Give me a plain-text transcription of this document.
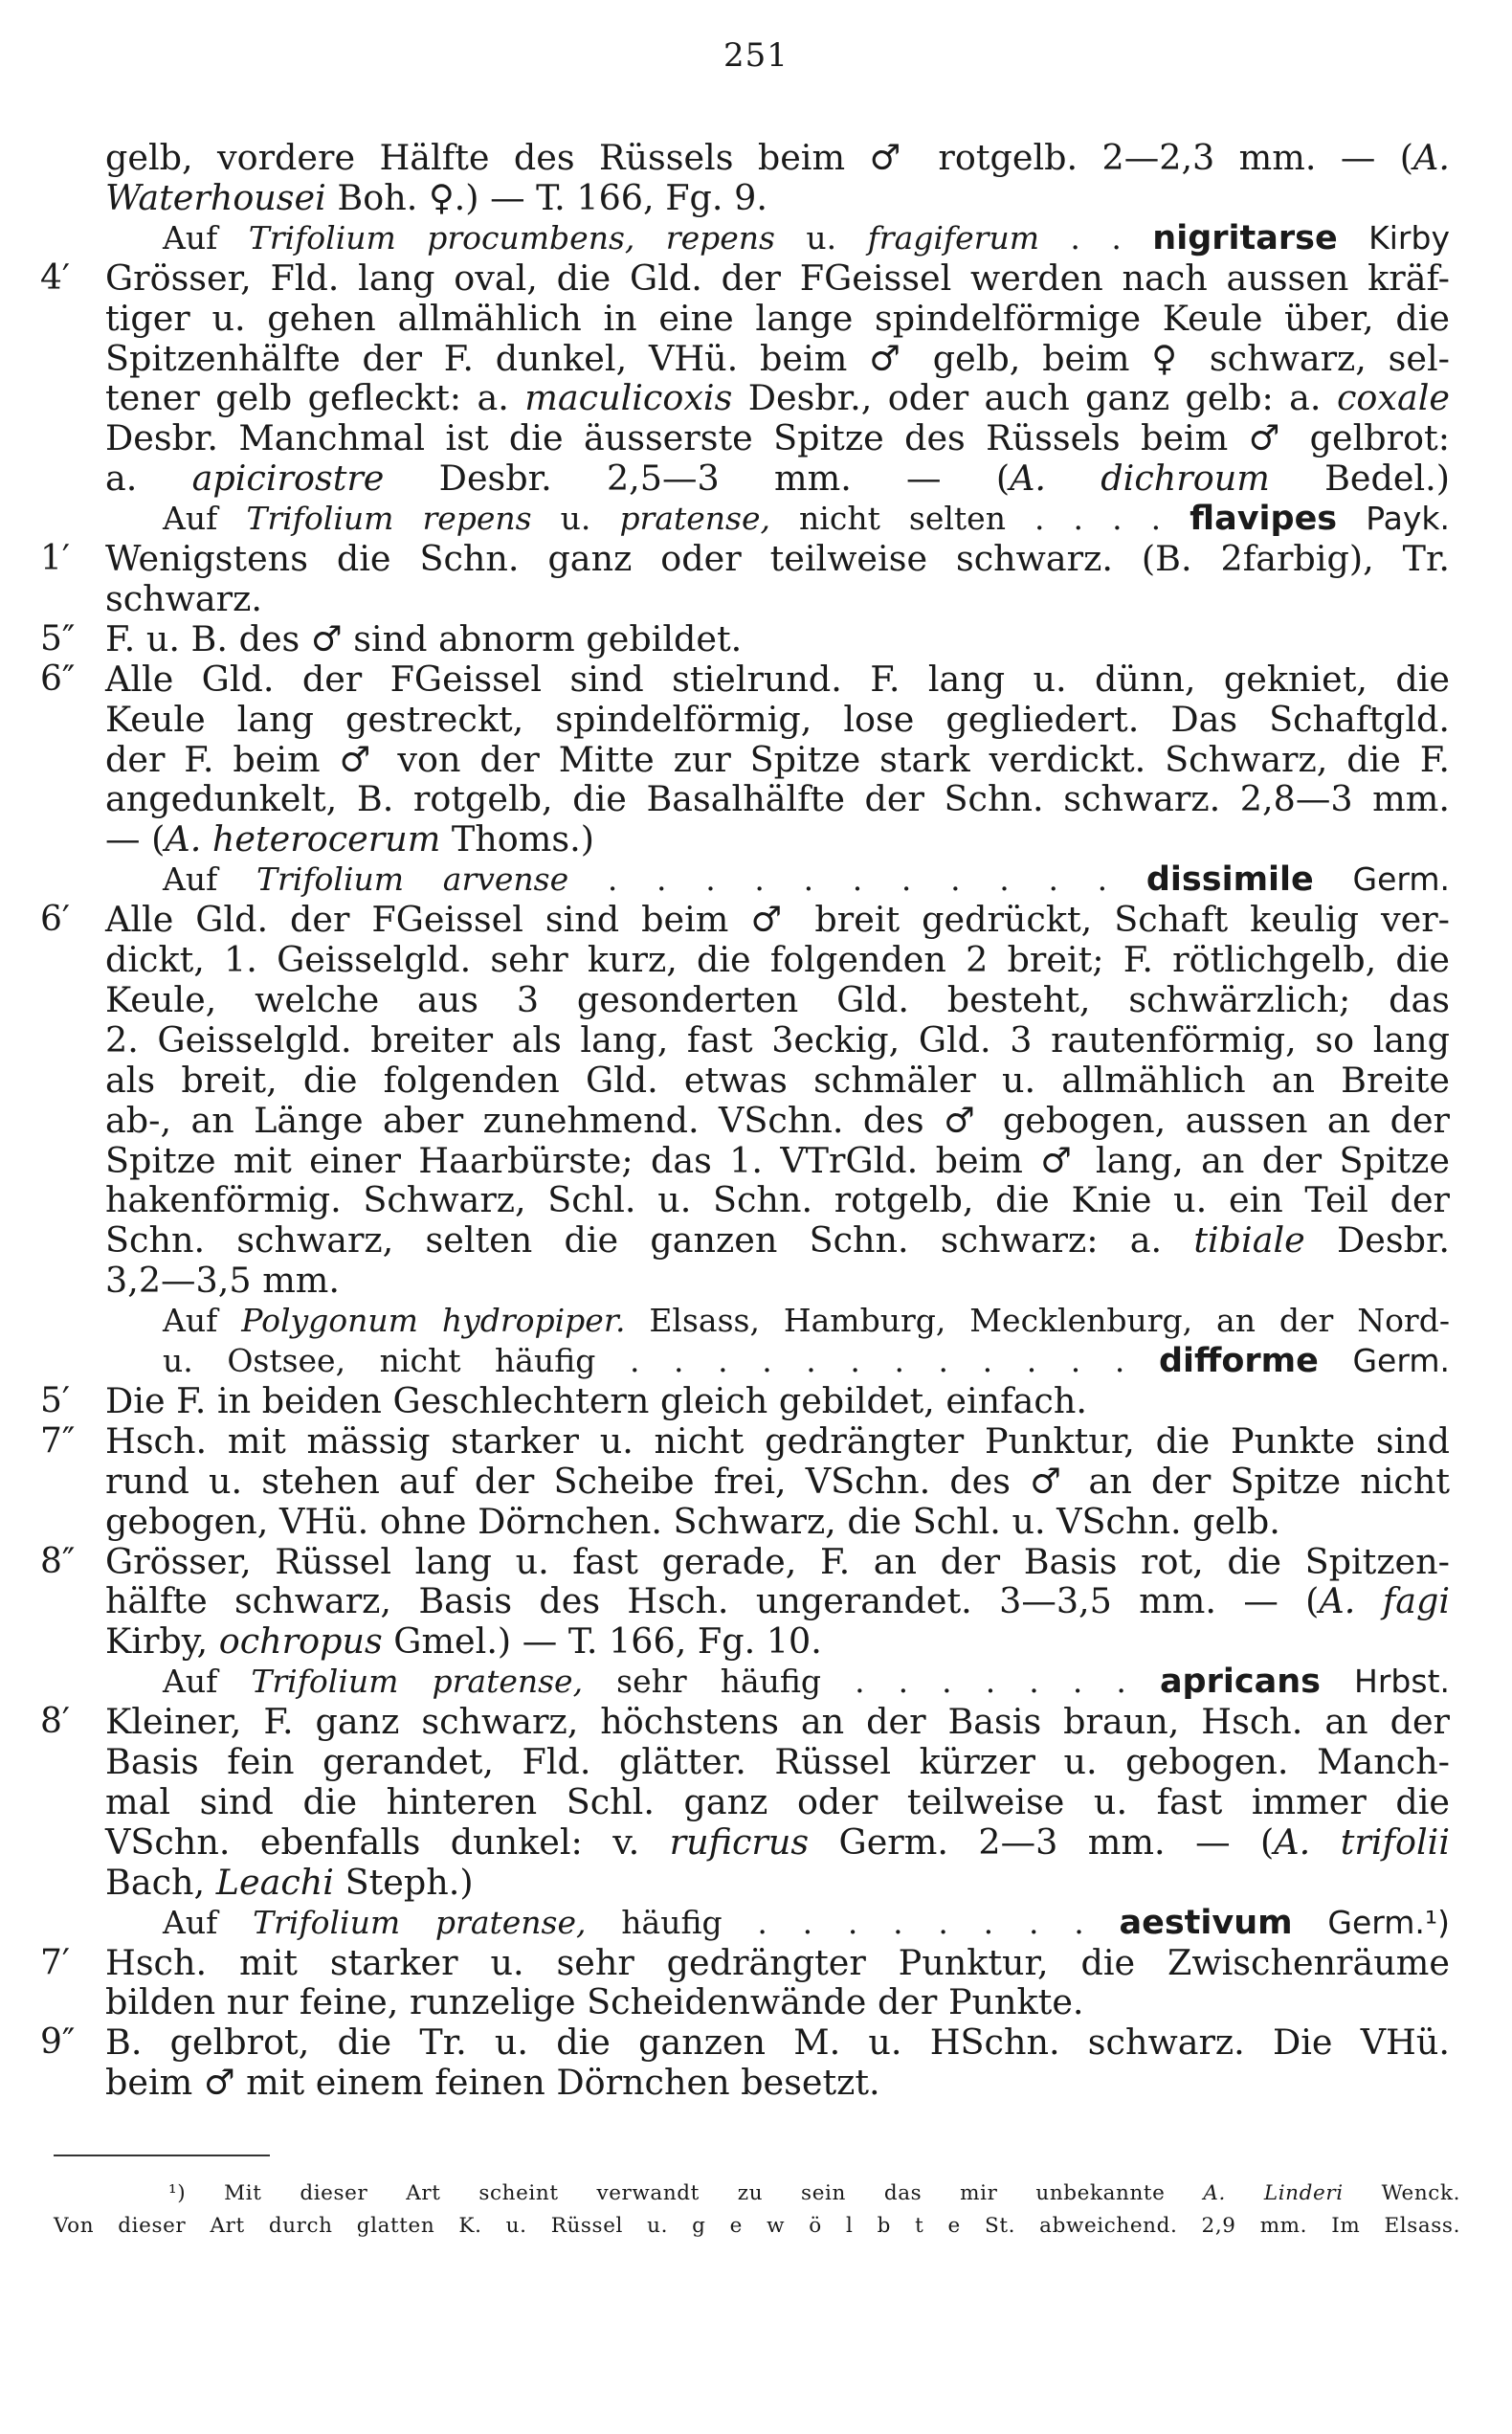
251
gelb, vordere Hälfte des Rüssels beim ♂ rotgelb. 2—2,3 mm. — (A.
Waterhousei Boh. ♀.) — T. 166, Fg. 9.
Auf Trifolium procumbens, repens u. fragiferum . . nigritarse Kirby
4′	Grösser, Fld. lang oval, die Gld. der FGeissel werden nach aussen kräf-
tiger u. gehen allmählich in eine lange spindelförmige Keule über, die
Spitzenhälfte der F. dunkel, VHü. beim ♂ gelb, beim ♀ schwarz, sel-
tener gelb gefleckt: a. maculicoxis Desbr., oder auch ganz gelb: a. coxale
Desbr. Manchmal ist die äusserste Spitze des Rüssels beim ♂ gelbrot:
a. apicirostre Desbr. 2,5—3 mm. — (A. dichroum Bedel.)
Auf Trifolium repens u. pratense, nicht selten . . . . flavipes Payk.
1′	Wenigstens die Schn. ganz oder teilweise schwarz. (B. 2farbig), Tr.
schwarz.
5″ F. u. B. des ♂ sind abnorm gebildet.
6″ Alle Gld. der FGeissel sind stielrund. F. lang u. dünn, gekniet, die
Keule lang gestreckt, spindelförmig, lose gegliedert. Das Schaftgld.
der F. beim ♂ von der Mitte zur Spitze stark verdickt. Schwarz, die F.
angedunkelt, B. rotgelb, die Basalhälfte der Schn. schwarz. 2,8—3 mm.
— (A. heterocerum Thoms.)
Auf Trifolium arvense . . . . . . . . . . . dissimile Germ.
6′	Alle Gld. der FGeissel sind beim ♂ breit gedrückt, Schaft keulig ver-
dickt, 1. Geisselgld. sehr kurz, die folgenden 2 breit; F. rötlichgelb, die
Keule, welche aus 3 gesonderten Gld. besteht, schwärzlich; das
2. Geisselgld. breiter als lang, fast 3eckig, Gld. 3 rautenförmig, so lang
als breit, die folgenden Gld. etwas schmäler u. allmählich an Breite
ab-, an Länge aber zunehmend. VSchn. des ♂ gebogen, aussen an der
Spitze mit einer Haarbürste; das 1. VTrGld. beim ♂ lang, an der Spitze
hakenförmig. Schwarz, Schl. u. Schn. rotgelb, die Knie u. ein Teil der
Schn. schwarz, selten die ganzen Schn. schwarz: a. tibiale Desbr.
3,2—3,5 mm.
Auf Polygonum hydropiper. Elsass, Hamburg, Mecklenburg, an der Nord-
u. Ostsee, nicht häufig . . . . . . . . . . . . difforme Germ.
5′	Die F. in beiden Geschlechtern gleich gebildet, einfach.
7″ Hsch. mit mässig starker u. nicht gedrängter Punktur, die Punkte sind
rund u. stehen auf der Scheibe frei, VSchn. des ♂ an der Spitze nicht
gebogen, VHü. ohne Dörnchen. Schwarz, die Schl. u. VSchn. gelb.
8″ Grösser, Rüssel lang u. fast gerade, F. an der Basis rot, die Spitzen-
hälfte schwarz, Basis des Hsch. ungerandet. 3—3,5 mm. — (A. fagi
Kirby, ochropus Gmel.) — T. 166, Fg. 10.
Auf Trifolium pratense, sehr häufig . . . . . . . apricans Hrbst.
8′	Kleiner, F. ganz schwarz, höchstens an der Basis braun, Hsch. an der
Basis fein gerandet, Fld. glätter. Rüssel kürzer u. gebogen. Manch-
mal sind die hinteren Schl. ganz oder teilweise u. fast immer die
VSchn. ebenfalls dunkel: v. ruficrus Germ. 2—3 mm. — (A. trifolii
Bach, Leachi Steph.)
Auf Trifolium pratense, häufig . . . . . . . . aestivum Germ.¹)
7′	Hsch. mit starker u. sehr gedrängter Punktur, die Zwischenräume
bilden nur feine, runzelige Scheidenwände der Punkte.
9″ B. gelbrot, die Tr. u. die ganzen M. u. HSchn. schwarz. Die VHü.
beim ♂ mit einem feinen Dörnchen besetzt.
¹) Mit dieser Art scheint verwandt zu sein das mir unbekannte A. Linderi Wenck.
Von dieser Art durch glatten K. u. Rüssel u. g e w ö l b t e St. abweichend. 2,9 mm. Im Elsass.
